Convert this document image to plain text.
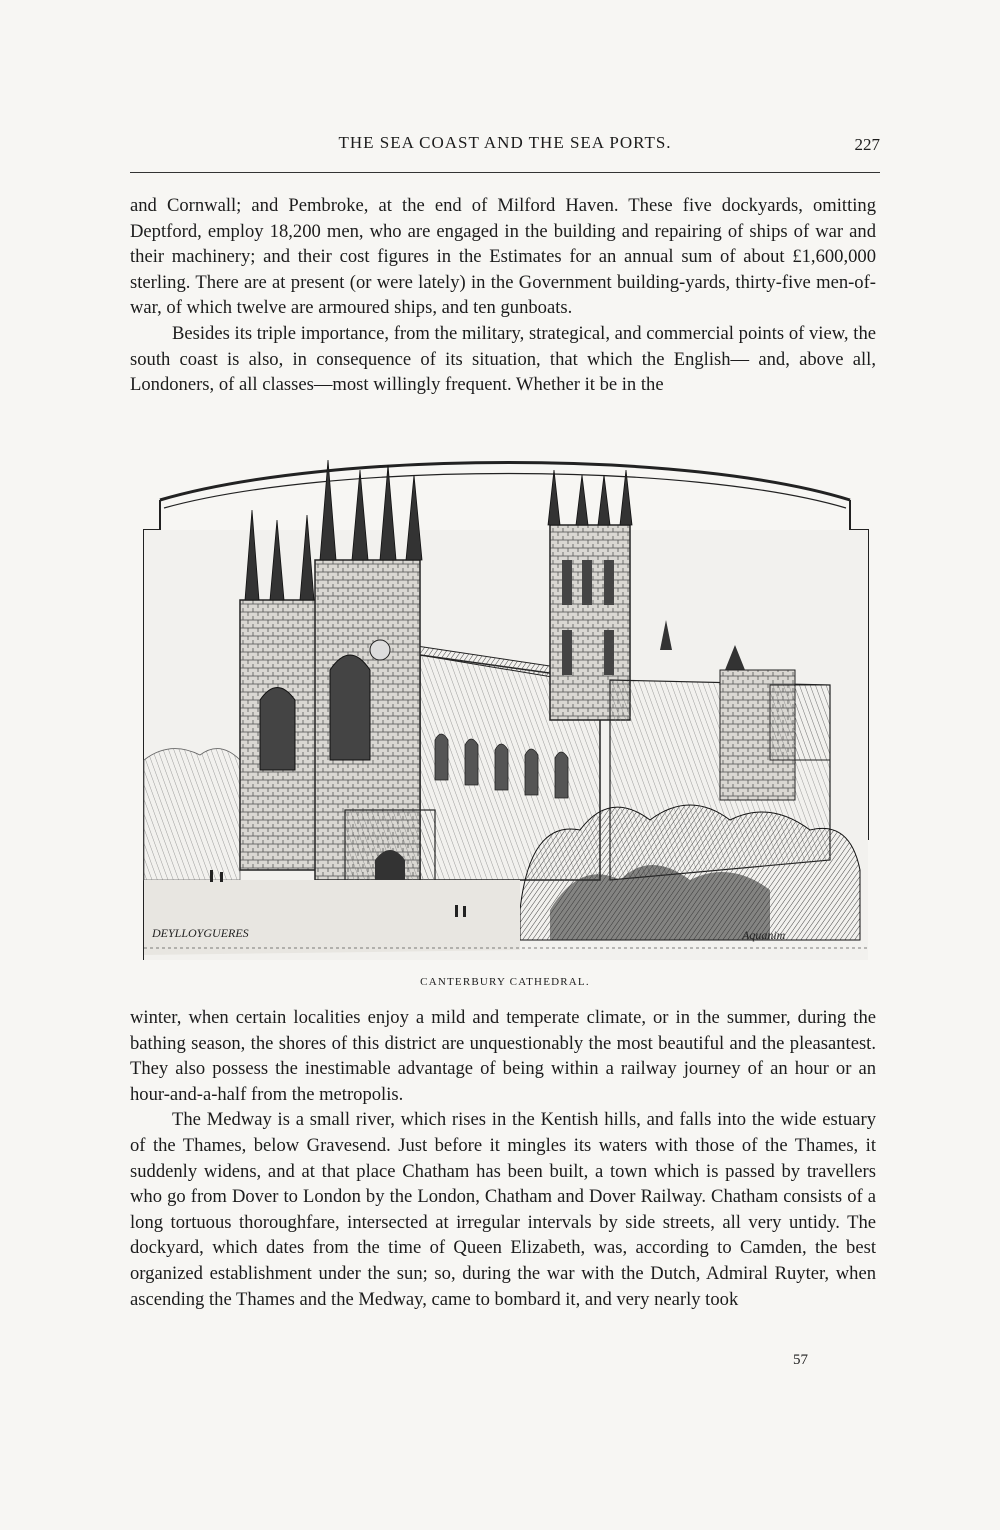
THE SEA COAST AND THE SEA PORTS.	227

and Cornwall; and Pembroke, at the end of Milford Haven. These five dockyards, omitting Deptford, employ 18,200 men, who are engaged in the building and repairing of ships of war and their machinery; and their cost figures in the Estimates for an annual sum of about £1,600,000 sterling. There are at present (or were lately) in the Government building-yards, thirty-five men-of-war, of which twelve are armoured ships, and ten gunboats.

Besides its triple importance, from the military, strategical, and commercial points of view, the south coast is also, in consequence of its situation, that which the English— and, above all, Londoners, of all classes—most willingly frequent. Whether it be in the

DEYLLOYGUERES	Aquanim
CANTERBURY CATHEDRAL.

winter, when certain localities enjoy a mild and temperate climate, or in the summer, during the bathing season, the shores of this district are unquestionably the most beautiful and the pleasantest. They also possess the inestimable advantage of being within a railway journey of an hour or an hour-and-a-half from the metropolis.

The Medway is a small river, which rises in the Kentish hills, and falls into the wide estuary of the Thames, below Gravesend. Just before it mingles its waters with those of the Thames, it suddenly widens, and at that place Chatham has been built, a town which is passed by travellers who go from Dover to London by the London, Chatham and Dover Railway. Chatham consists of a long tortuous thoroughfare, intersected at irregular intervals by side streets, all very untidy. The dockyard, which dates from the time of Queen Elizabeth, was, according to Camden, the best organized establishment under the sun; so, during the war with the Dutch, Admiral Ruyter, when ascending the Thames and the Medway, came to bombard it, and very nearly took

57
